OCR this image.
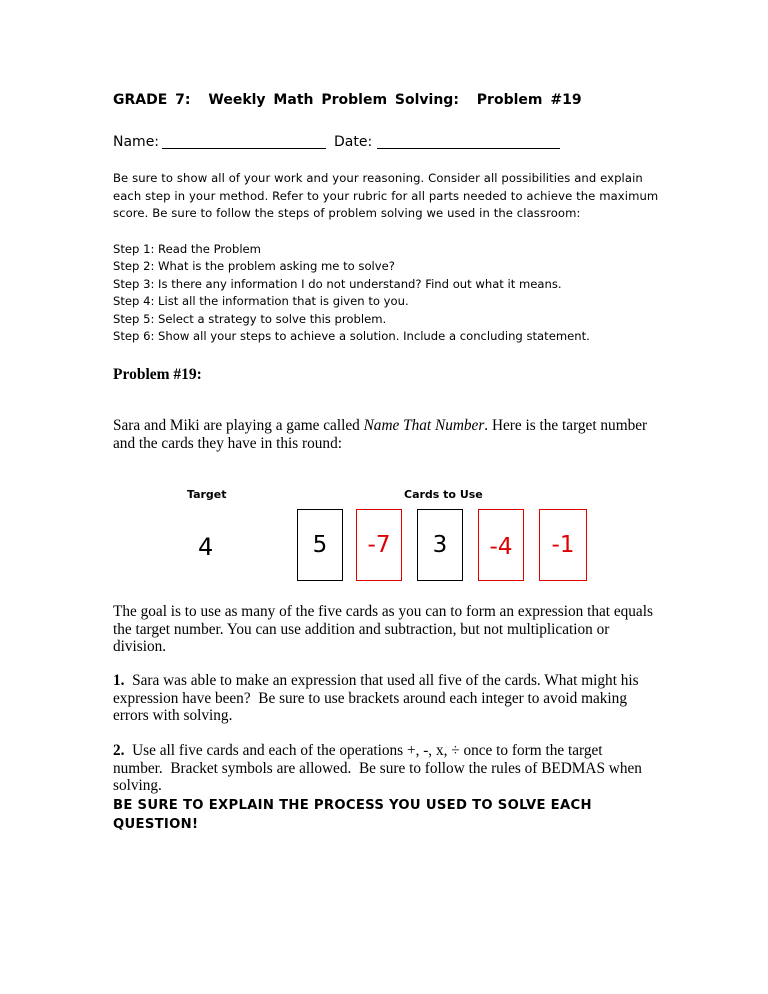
GRADE 7: Weekly Math Problem Solving: Problem #19
Name:	Date:
Be sure to show all of your work and your reasoning. Consider all possibilities and explain each step in your method. Refer to your rubric for all parts needed to achieve the maximum score. Be sure to follow the steps of problem solving we used in the classroom:
Step 1: Read the Problem
Step 2: What is the problem asking me to solve?
Step 3: Is there any information I do not understand? Find out what it means.
Step 4: List all the information that is given to you.
Step 5: Select a strategy to solve this problem.
Step 6: Show all your steps to achieve a solution. Include a concluding statement.
Problem #19:
Sara and Miki are playing a game called Name That Number. Here is the target number and the cards they have in this round:
Target	Cards to Use
4	5 -7 3 -4 -1
The goal is to use as many of the five cards as you can to form an expression that equals the target number. You can use addition and subtraction, but not multiplication or division.
1.  Sara was able to make an expression that used all five of the cards. What might his expression have been?  Be sure to use brackets around each integer to avoid making errors with solving.
2.  Use all five cards and each of the operations +, -, x, ÷ once to form the target number.  Bracket symbols are allowed.  Be sure to follow the rules of BEDMAS when solving.
BE SURE TO EXPLAIN THE PROCESS YOU USED TO SOLVE EACH QUESTION!
